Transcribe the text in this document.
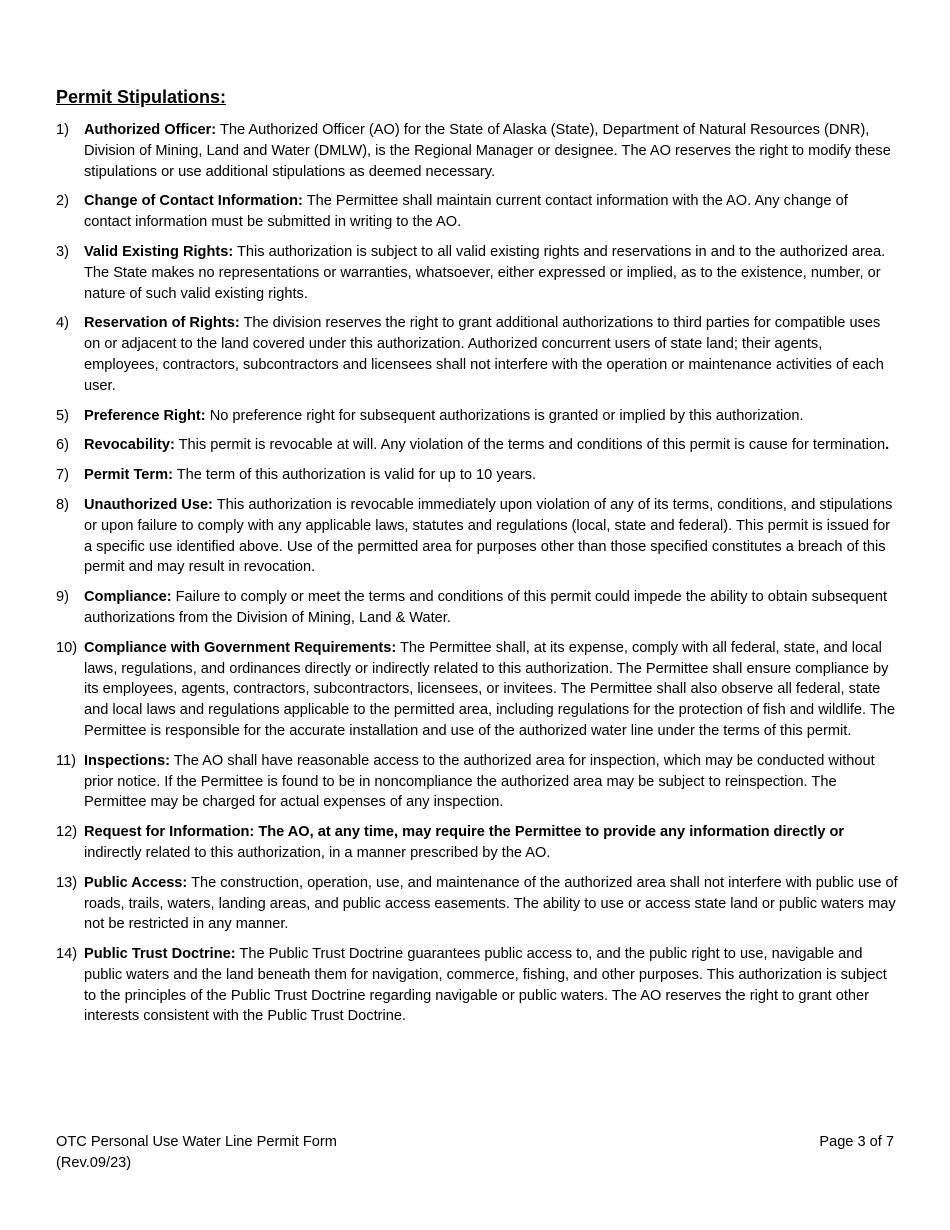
Permit Stipulations:
1)	Authorized Officer: The Authorized Officer (AO) for the State of Alaska (State), Department of Natural Resources (DNR), Division of Mining, Land and Water (DMLW), is the Regional Manager or designee. The AO reserves the right to modify these stipulations or use additional stipulations as deemed necessary.
2)	Change of Contact Information: The Permittee shall maintain current contact information with the AO. Any change of contact information must be submitted in writing to the AO.
3)	Valid Existing Rights: This authorization is subject to all valid existing rights and reservations in and to the authorized area. The State makes no representations or warranties, whatsoever, either expressed or implied, as to the existence, number, or nature of such valid existing rights.
4)	Reservation of Rights: The division reserves the right to grant additional authorizations to third parties for compatible uses on or adjacent to the land covered under this authorization. Authorized concurrent users of state land; their agents, employees, contractors, subcontractors and licensees shall not interfere with the operation or maintenance activities of each user.
5)	Preference Right: No preference right for subsequent authorizations is granted or implied by this authorization.
6)	Revocability: This permit is revocable at will. Any violation of the terms and conditions of this permit is cause for termination.
7)	Permit Term: The term of this authorization is valid for up to 10 years.
8)	Unauthorized Use: This authorization is revocable immediately upon violation of any of its terms, conditions, and stipulations or upon failure to comply with any applicable laws, statutes and regulations (local, state and federal). This permit is issued for a specific use identified above. Use of the permitted area for purposes other than those specified constitutes a breach of this permit and may result in revocation.
9)	Compliance: Failure to comply or meet the terms and conditions of this permit could impede the ability to obtain subsequent authorizations from the Division of Mining, Land & Water.
10) Compliance with Government Requirements: The Permittee shall, at its expense, comply with all federal, state, and local laws, regulations, and ordinances directly or indirectly related to this authorization. The Permittee shall ensure compliance by its employees, agents, contractors, subcontractors, licensees, or invitees. The Permittee shall also observe all federal, state and local laws and regulations applicable to the permitted area, including regulations for the protection of fish and wildlife. The Permittee is responsible for the accurate installation and use of the authorized water line under the terms of this permit.
11) Inspections: The AO shall have reasonable access to the authorized area for inspection, which may be conducted without prior notice. If the Permittee is found to be in noncompliance the authorized area may be subject to reinspection. The Permittee may be charged for actual expenses of any inspection.
12) Request for Information: The AO, at any time, may require the Permittee to provide any information directly or indirectly related to this authorization, in a manner prescribed by the AO.
13) Public Access: The construction, operation, use, and maintenance of the authorized area shall not interfere with public use of roads, trails, waters, landing areas, and public access easements. The ability to use or access state land or public waters may not be restricted in any manner.
14) Public Trust Doctrine: The Public Trust Doctrine guarantees public access to, and the public right to use, navigable and public waters and the land beneath them for navigation, commerce, fishing, and other purposes. This authorization is subject to the principles of the Public Trust Doctrine regarding navigable or public waters. The AO reserves the right to grant other interests consistent with the Public Trust Doctrine.
OTC Personal Use Water Line Permit Form
(Rev.09/23)
Page 3 of 7
